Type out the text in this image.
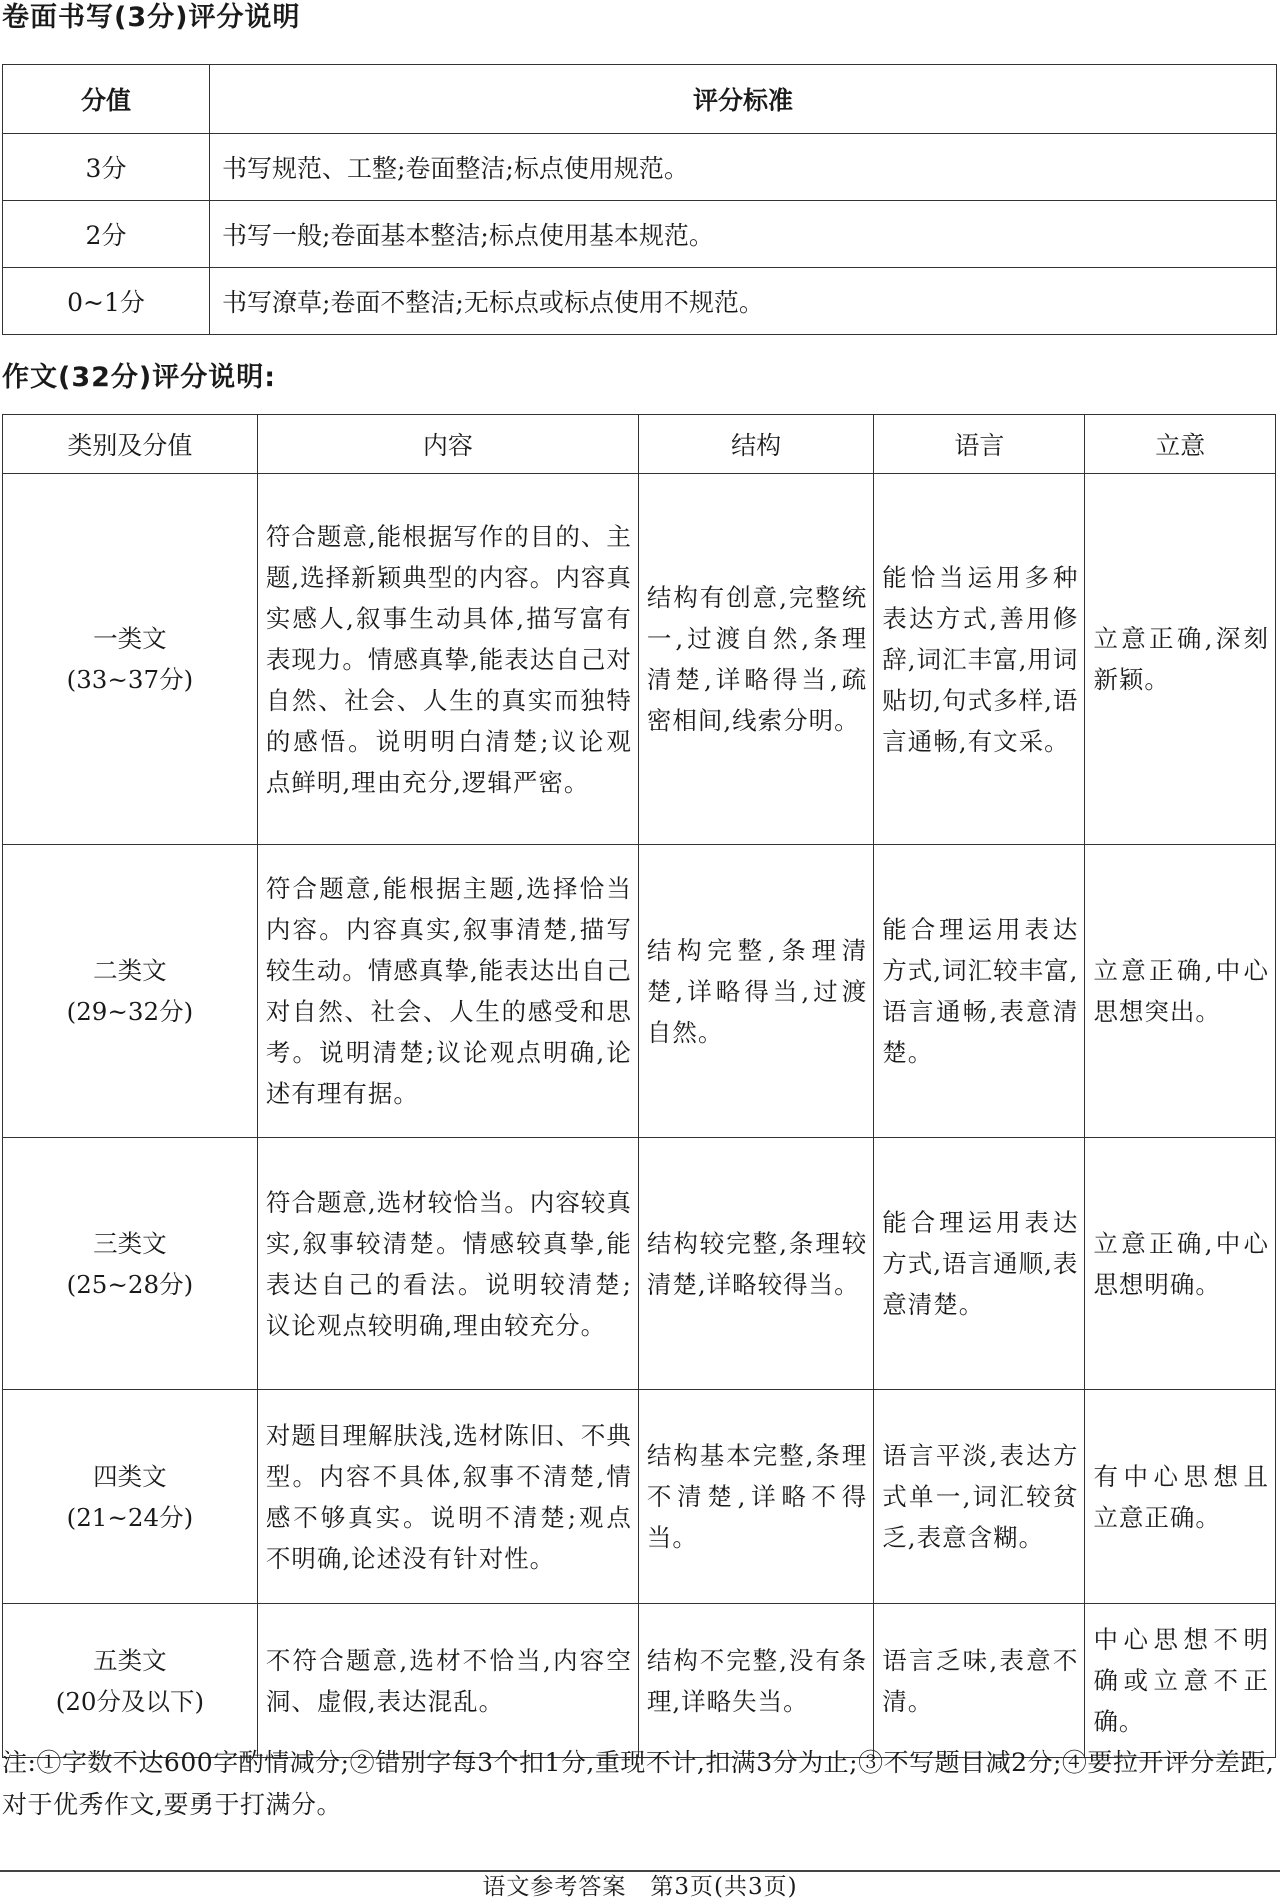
卷面书写(3分)评分说明
分值	评分标准
3分	书写规范、工整;卷面整洁;标点使用规范。
2分	书写一般;卷面基本整洁;标点使用基本规范。
0~1分	书写潦草;卷面不整洁;无标点或标点使用不规范。
作文(32分)评分说明:
类别及分值	内容	结构	语言	立意

一类文
(33~37分)	符合题意,能根据写作的目的、主题,选择新颖典型的内容。内容真实感人,叙事生动具体,描写富有表现力。情感真挚,能表达自己对自然、社会、人生的真实而独特的感悟。说明明白清楚;议论观点鲜明,理由充分,逻辑严密。	结构有创意,完整统一,过渡自然,条理清楚,详略得当,疏密相间,线索分明。	能恰当运用多种表达方式,善用修辞,词汇丰富,用词贴切,句式多样,语言通畅,有文采。	立意正确,深刻新颖。

二类文
(29~32分)	符合题意,能根据主题,选择恰当内容。内容真实,叙事清楚,描写较生动。情感真挚,能表达出自己对自然、社会、人生的感受和思考。说明清楚;议论观点明确,论述有理有据。	结构完整,条理清楚,详略得当,过渡自然。	能合理运用表达方式,词汇较丰富,语言通畅,表意清楚。	立意正确,中心思想突出。

三类文
(25~28分)	符合题意,选材较恰当。内容较真实,叙事较清楚。情感较真挚,能表达自己的看法。说明较清楚;议论观点较明确,理由较充分。	结构较完整,条理较清楚,详略较得当。	能合理运用表达方式,语言通顺,表意清楚。	立意正确,中心思想明确。

四类文
(21~24分)	对题目理解肤浅,选材陈旧、不典型。内容不具体,叙事不清楚,情感不够真实。说明不清楚;观点不明确,论述没有针对性。	结构基本完整,条理不清楚,详略不得当。	语言平淡,表达方式单一,词汇较贫乏,表意含糊。	有中心思想且立意正确。

五类文
(20分及以下)	不符合题意,选材不恰当,内容空洞、虚假,表达混乱。	结构不完整,没有条理,详略失当。	语言乏味,表意不清。	中心思想不明确或立意不正确。
注:①字数不达600字酌情减分;②错别字每3个扣1分,重现不计,扣满3分为止;③不写题目减2分;④要拉开评分差距,对于优秀作文,要勇于打满分。
语文参考答案　第3页(共3页)
